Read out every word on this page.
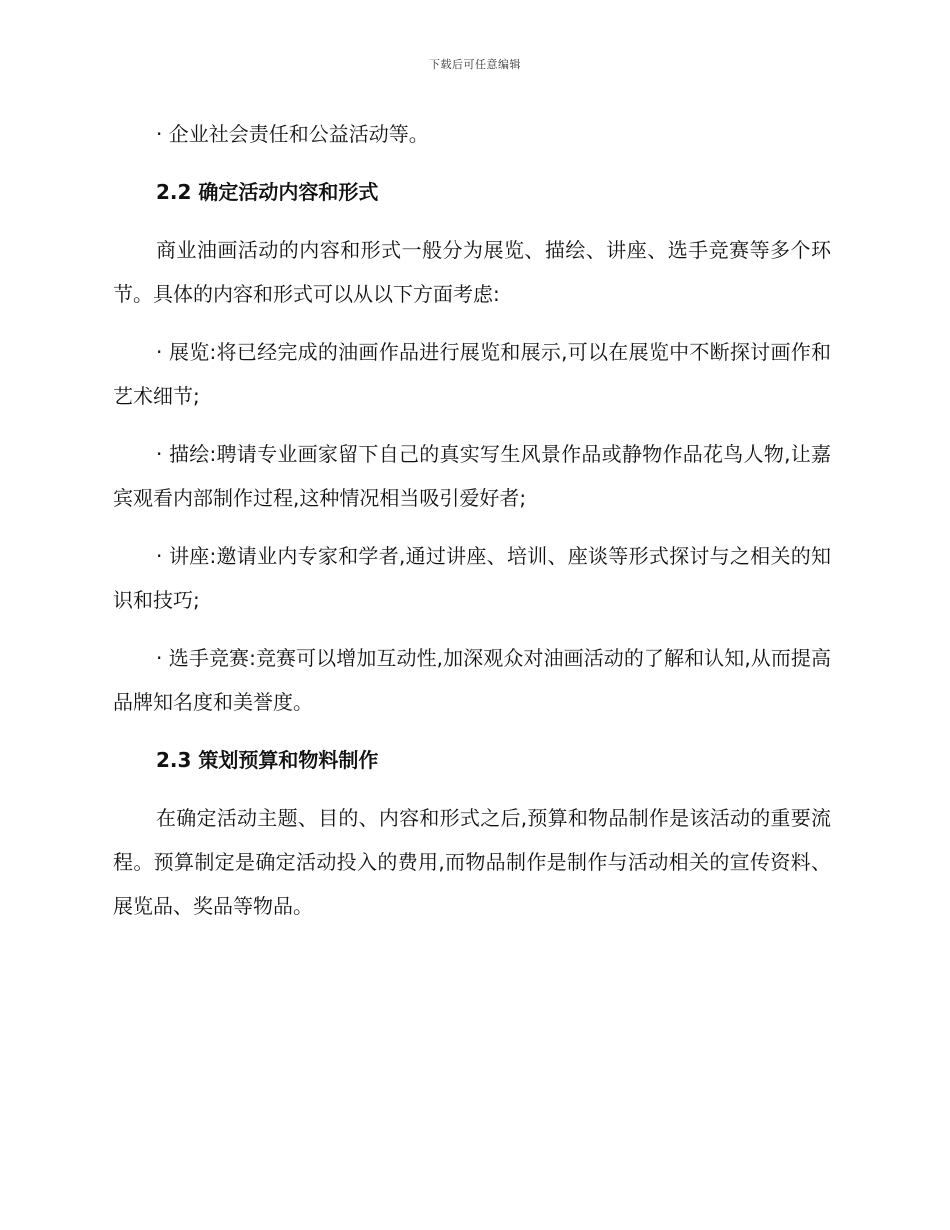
下载后可任意编辑

· 企业社会责任和公益活动等。

2.2 确定活动内容和形式

商业油画活动的内容和形式一般分为展览、描绘、讲座、选手竞赛等多个环节。具体的内容和形式可以从以下方面考虑:

· 展览:将已经完成的油画作品进行展览和展示,可以在展览中不断探讨画作和艺术细节;

· 描绘:聘请专业画家留下自己的真实写生风景作品或静物作品花鸟人物,让嘉宾观看内部制作过程,这种情况相当吸引爱好者;

· 讲座:邀请业内专家和学者,通过讲座、培训、座谈等形式探讨与之相关的知识和技巧;

· 选手竞赛:竞赛可以增加互动性,加深观众对油画活动的了解和认知,从而提高品牌知名度和美誉度。

2.3 策划预算和物料制作

在确定活动主题、目的、内容和形式之后,预算和物品制作是该活动的重要流程。预算制定是确定活动投入的费用,而物品制作是制作与活动相关的宣传资料、展览品、奖品等物品。
